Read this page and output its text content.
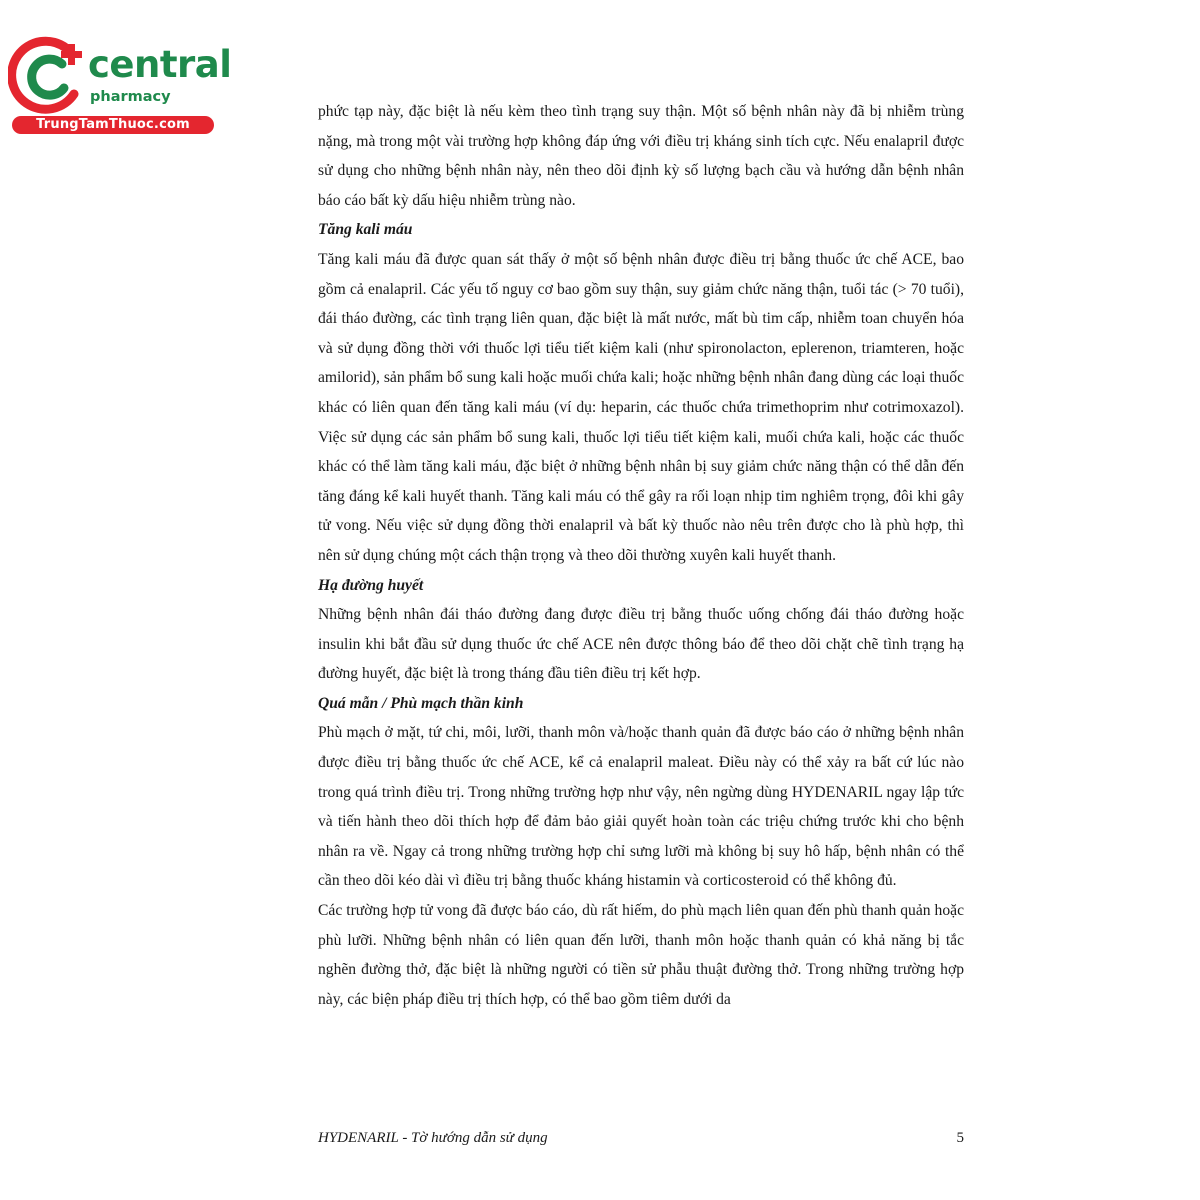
central
pharmacy
TrungTamThuoc.com

phức tạp này, đặc biệt là nếu kèm theo tình trạng suy thận. Một số bệnh nhân này đã bị nhiễm trùng nặng, mà trong một vài trường hợp không đáp ứng với điều trị kháng sinh tích cực. Nếu enalapril được sử dụng cho những bệnh nhân này, nên theo dõi định kỳ số lượng bạch cầu và hướng dẫn bệnh nhân báo cáo bất kỳ dấu hiệu nhiễm trùng nào.

Tăng kali máu

Tăng kali máu đã được quan sát thấy ở một số bệnh nhân được điều trị bằng thuốc ức chế ACE, bao gồm cả enalapril. Các yếu tố nguy cơ bao gồm suy thận, suy giảm chức năng thận, tuổi tác (> 70 tuổi), đái tháo đường, các tình trạng liên quan, đặc biệt là mất nước, mất bù tim cấp, nhiễm toan chuyển hóa và sử dụng đồng thời với thuốc lợi tiểu tiết kiệm kali (như spironolacton, eplerenon, triamteren, hoặc amilorid), sản phẩm bổ sung kali hoặc muối chứa kali; hoặc những bệnh nhân đang dùng các loại thuốc khác có liên quan đến tăng kali máu (ví dụ: heparin, các thuốc chứa trimethoprim như cotrimoxazol). Việc sử dụng các sản phẩm bổ sung kali, thuốc lợi tiểu tiết kiệm kali, muối chứa kali, hoặc các thuốc khác có thể làm tăng kali máu, đặc biệt ở những bệnh nhân bị suy giảm chức năng thận có thể dẫn đến tăng đáng kể kali huyết thanh. Tăng kali máu có thể gây ra rối loạn nhịp tim nghiêm trọng, đôi khi gây tử vong. Nếu việc sử dụng đồng thời enalapril và bất kỳ thuốc nào nêu trên được cho là phù hợp, thì nên sử dụng chúng một cách thận trọng và theo dõi thường xuyên kali huyết thanh.

Hạ đường huyết

Những bệnh nhân đái tháo đường đang được điều trị bằng thuốc uống chống đái tháo đường hoặc insulin khi bắt đầu sử dụng thuốc ức chế ACE nên được thông báo để theo dõi chặt chẽ tình trạng hạ đường huyết, đặc biệt là trong tháng đầu tiên điều trị kết hợp.

Quá mẫn / Phù mạch thần kinh

Phù mạch ở mặt, tứ chi, môi, lưỡi, thanh môn và/hoặc thanh quản đã được báo cáo ở những bệnh nhân được điều trị bằng thuốc ức chế ACE, kể cả enalapril maleat. Điều này có thể xảy ra bất cứ lúc nào trong quá trình điều trị. Trong những trường hợp như vậy, nên ngừng dùng HYDENARIL ngay lập tức và tiến hành theo dõi thích hợp để đảm bảo giải quyết hoàn toàn các triệu chứng trước khi cho bệnh nhân ra về. Ngay cả trong những trường hợp chỉ sưng lưỡi mà không bị suy hô hấp, bệnh nhân có thể cần theo dõi kéo dài vì điều trị bằng thuốc kháng histamin và corticosteroid có thể không đủ.

Các trường hợp tử vong đã được báo cáo, dù rất hiếm, do phù mạch liên quan đến phù thanh quản hoặc phù lưỡi. Những bệnh nhân có liên quan đến lưỡi, thanh môn hoặc thanh quản có khả năng bị tắc nghẽn đường thở, đặc biệt là những người có tiền sử phẫu thuật đường thở. Trong những trường hợp này, các biện pháp điều trị thích hợp, có thể bao gồm tiêm dưới da

HYDENARIL - Tờ hướng dẫn sử dụng	5
